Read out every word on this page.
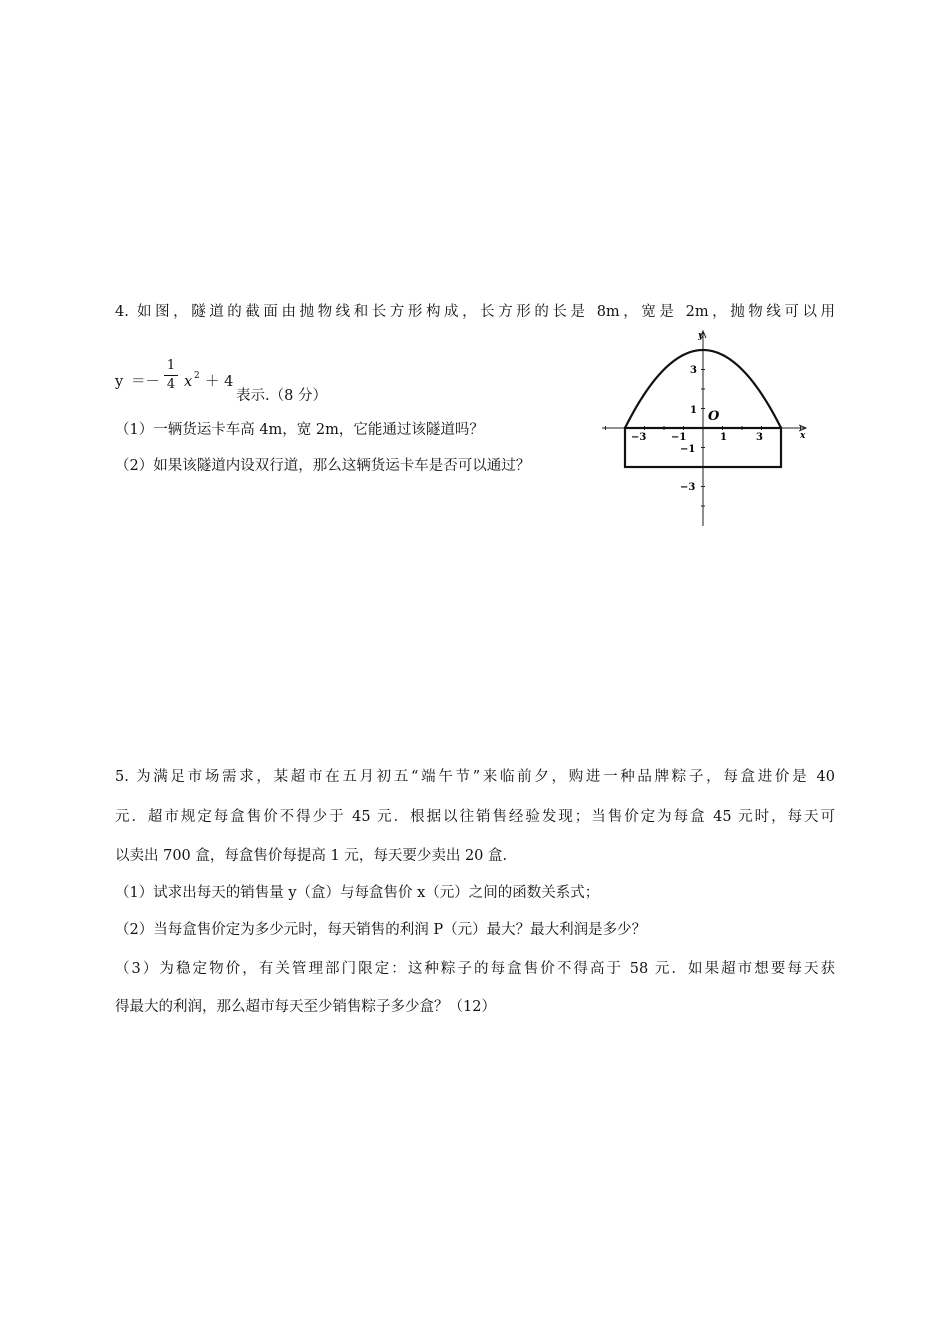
4. 如图，隧道的截面由抛物线和长方形构成，长方形的长是 8m，宽是 2m，抛物线可以用
y ＝－
1
4 x 2 ＋ 4
表示.（8 分）
（1）一辆货运卡车高 4m，宽 2m，它能通过该隧道吗？
（2）如果该隧道内设双行道，那么这辆货运卡车是否可以通过？
y
x
O
−3 −1	1	3
3
1
−1
−3
5. 为满足市场需求，某超市在五月初五“端午节”来临前夕，购进一种品牌粽子，每盒进价是 40
元．超市规定每盒售价不得少于 45 元．根据以往销售经验发现；当售价定为每盒 45 元时，每天可
以卖出 700 盒，每盒售价每提高 1 元，每天要少卖出 20 盒.
（1）试求出每天的销售量 y（盒）与每盒售价 x（元）之间的函数关系式；
（2）当每盒售价定为多少元时，每天销售的利润 P（元）最大？最大利润是多少？
（3）为稳定物价，有关管理部门限定：这种粽子的每盒售价不得高于 58 元．如果超市想要每天获
得最大的利润，那么超市每天至少销售粽子多少盒？（12）
